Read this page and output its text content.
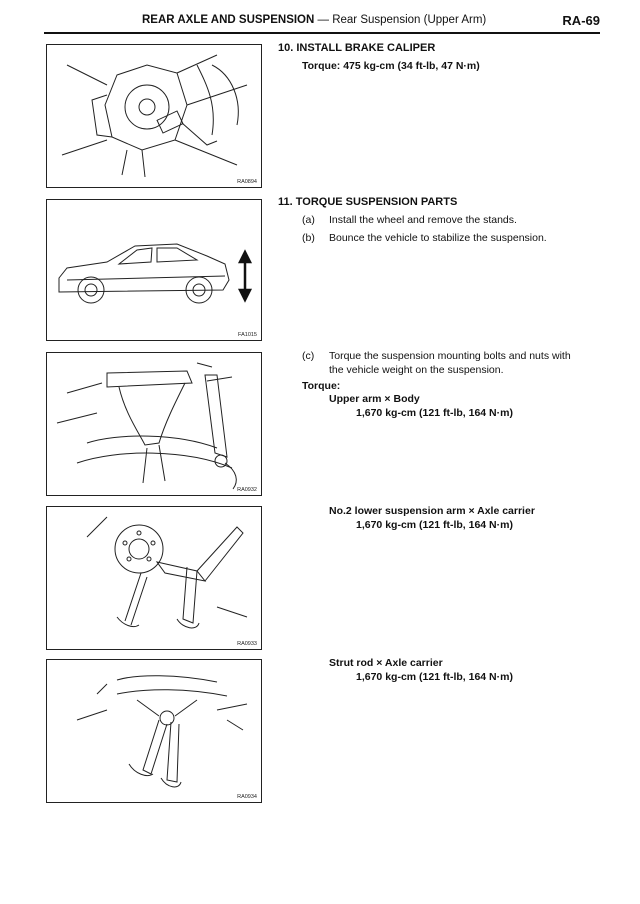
REAR AXLE AND SUSPENSION — Rear Suspension (Upper Arm)	RA-69
RA0894
FA1015
RA0932
RA0933
RA0934
10. INSTALL BRAKE CALIPER
Torque: 475 kg-cm (34 ft-lb, 47 N·m)
11. TORQUE SUSPENSION PARTS
(a) Install the wheel and remove the stands.
(b) Bounce the vehicle to stabilize the suspension.
(c) Torque the suspension mounting bolts and nuts with
the vehicle weight on the suspension.
Torque:
Upper arm × Body
1,670 kg-cm (121 ft-lb, 164 N·m)
No.2 lower suspension arm × Axle carrier
1,670 kg-cm (121 ft-lb, 164 N·m)
Strut rod × Axle carrier
1,670 kg-cm (121 ft-lb, 164 N·m)
